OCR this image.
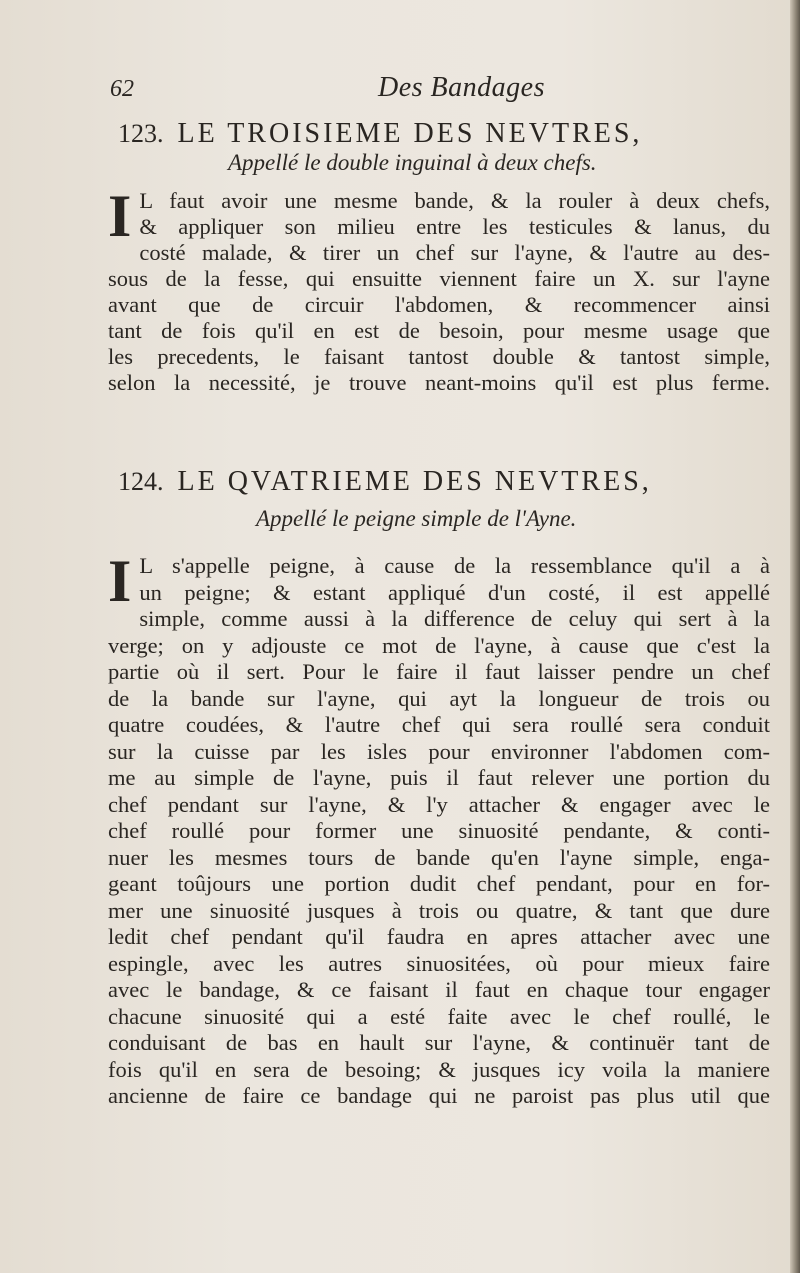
62	Des Bandages
123. LE TROISIEME DES NEVTRES,
Appellé le double inguinal à deux chefs.
I L faut avoir une mesme bande, & la rouler à deux chefs,
& appliquer son milieu entre les testicules & lanus, du
costé malade, & tirer un chef sur l'ayne, & l'autre au des-
sous de la fesse, qui ensuitte viennent faire un X. sur l'ayne
avant que de circuir l'abdomen, & recommencer ainsi
tant de fois qu'il en est de besoin, pour mesme usage que
les precedents, le faisant tantost double & tantost simple,
selon la necessité, je trouve neant-moins qu'il est plus ferme.
124. LE QVATRIEME DES NEVTRES,
Appellé le peigne simple de l'Ayne.
I L s'appelle peigne, à cause de la ressemblance qu'il a à
un peigne; & estant appliqué d'un costé, il est appellé
simple, comme aussi à la difference de celuy qui sert à la
verge; on y adjouste ce mot de l'ayne, à cause que c'est la
partie où il sert. Pour le faire il faut laisser pendre un chef
de la bande sur l'ayne, qui ayt la longueur de trois ou
quatre coudées, & l'autre chef qui sera roullé sera conduit
sur la cuisse par les isles pour environner l'abdomen com-
me au simple de l'ayne, puis il faut relever une portion du
chef pendant sur l'ayne, & l'y attacher & engager avec le
chef roullé pour former une sinuosité pendante, & conti-
nuer les mesmes tours de bande qu'en l'ayne simple, enga-
geant toûjours une portion dudit chef pendant, pour en for-
mer une sinuosité jusques à trois ou quatre, & tant que dure
ledit chef pendant qu'il faudra en apres attacher avec une
espingle, avec les autres sinuositées, où pour mieux faire
avec le bandage, & ce faisant il faut en chaque tour engager
chacune sinuosité qui a esté faite avec le chef roullé, le
conduisant de bas en hault sur l'ayne, & continuër tant de
fois qu'il en sera de besoing; & jusques icy voila la maniere
ancienne de faire ce bandage qui ne paroist pas plus util que
